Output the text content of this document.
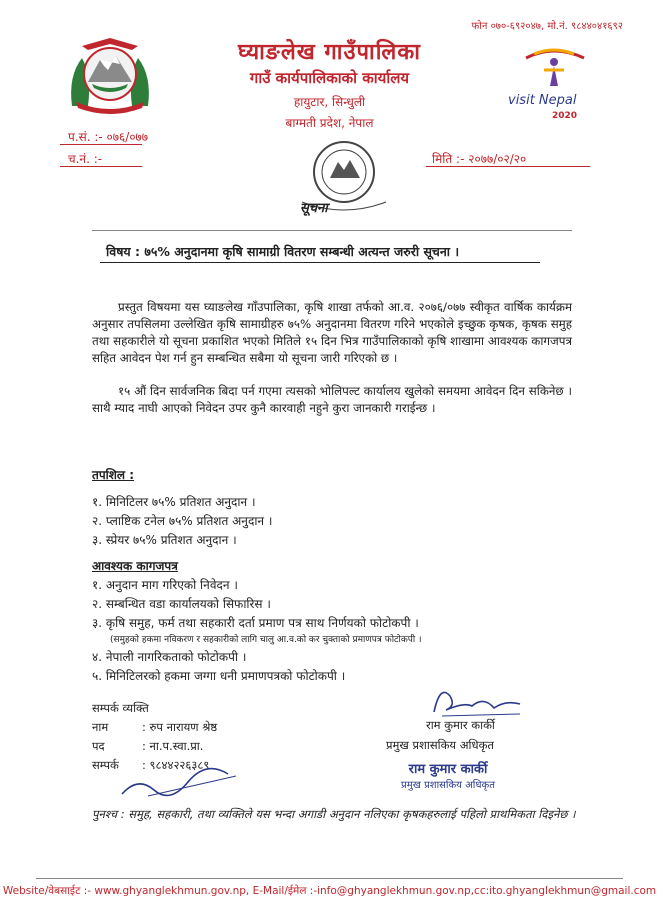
फोन ०७०-६९२०४७, मो.नं. ९८४४०४१६९२
घ्याङलेख गाउँपालिका
गाउँ कार्यपालिकाको कार्यालय
हायुटार, सिन्धुली
बाग्मती प्रदेश, नेपाल
visit Nepal
2020
प.सं. :- ०७६/०७७
च.नं. :-	मिति :- २०७७/०२/२०
सूचना
विषय : ७५% अनुदानमा कृषि सामाग्री वितरण सम्बन्धी अत्यन्त जरुरी सूचना ।
प्रस्तुत विषयमा यस घ्याङलेख गाँउपालिका, कृषि शाखा तर्फको आ.व. २०७६/०७७ स्वीकृत वार्षिक कार्यक्रम अनुसार तपसिलमा उल्लेखित कृषि सामाग्रीहरु ७५% अनुदानमा वितरण गरिने भएकोले इच्छुक कृषक, कृषक समुह तथा सहकारीले यो सूचना प्रकाशित भएको मितिले १५ दिन भित्र गाउँपालिकाको कृषि शाखामा आवश्यक कागजपत्र सहित आवेदन पेश गर्न हुन सम्बन्धित सबैमा यो सूचना जारी गरिएको छ ।
१५ औं दिन सार्वजनिक बिदा पर्न गएमा त्यसको भोलिपल्ट कार्यालय खुलेको समयमा आवेदन दिन सकिनेछ । साथै म्याद नाघी आएको निवेदन उपर कुनै कारवाही नहुने कुरा जानकारी गराईन्छ ।
तपशिल :
१. मिनिटिलर ७५% प्रतिशत अनुदान ।
२. प्लाष्टिक टनेल ७५% प्रतिशत अनुदान ।
३. स्प्रेयर ७५% प्रतिशत अनुदान ।
आवश्यक कागजपत्र
१. अनुदान माग गरिएको निवेदन ।
२. सम्बन्धित वडा कार्यालयको सिफारिस ।
३. कृषि समुह, फर्म तथा सहकारी दर्ता प्रमाण पत्र साथ निर्णयको फोटोकपी ।
(समुहको हकमा नविकरण र सहकारीको लागि चालु आ.व.को कर चुक्ताको प्रमाणपत्र फोटोकपी ।
४. नेपाली नागरिकताको फोटोकपी ।
५. मिनिटिलरको हकमा जग्गा धनी प्रमाणपत्रको फोटोकपी ।
सम्पर्क व्यक्ति
नाम	: रुप नारायण श्रेष्ठ
पद	: ना.प.स्वा.प्रा.
सम्पर्क : ९८४४२२६३८९
राम कुमार कार्की
प्रमुख प्रशासकिय अधिकृत
राम कुमार कार्की
प्रमुख प्रशासकिय अधिकृत
पुनश्च : समुह, सहकारी, तथा व्यक्तिले यस भन्दा अगाडी अनुदान नलिएका कृषकहरुलाई पहिलो प्राथमिकता दिइनेछ ।
Website/वेबसाईट :- www.ghyanglekhmun.gov.np, E-Mail/ईमेल :-info@ghyanglekhmun.gov.np,cc:ito.ghyanglekhmun@gmail.com
